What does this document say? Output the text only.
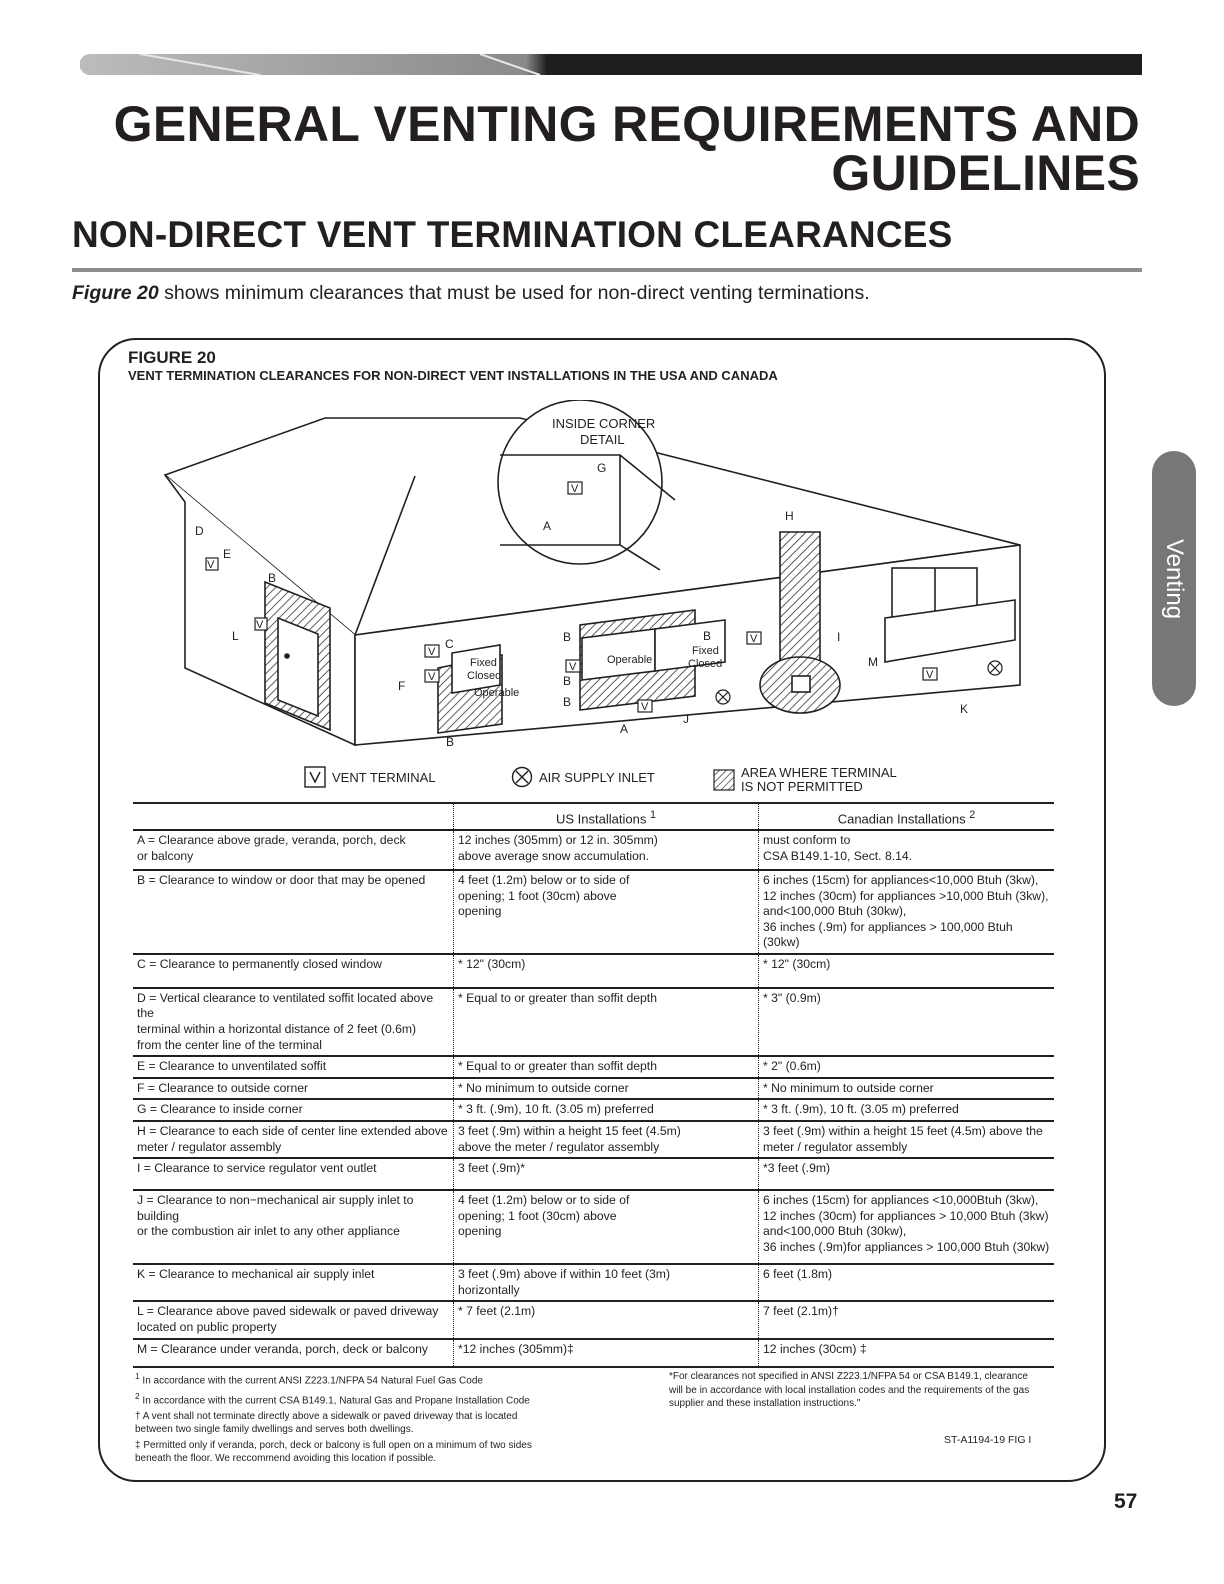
GENERAL VENTING REQUIREMENTS AND
GUIDELINES
NON-DIRECT VENT TERMINATION CLEARANCES
Figure 20 shows minimum clearances that must be used for non-direct venting terminations.
Venting
FIGURE 20
VENT TERMINATION CLEARANCES FOR NON-DIRECT VENT INSTALLATIONS IN THE USA AND CANADA
V
V
V
V
V
V
V
V
V
INSIDE CORNER
DETAIL
Fixed
Closed
Operable
Operable
Fixed
Closed
G
A
D
E
B
L
F
C
B
B	B
B
B
A
J
H
I
M
K
VENT TERMINAL	AIR SUPPLY INLET	AREA WHERE TERMINAL
IS NOT PERMITTED
	US Installations $^1$	Canadian Installations $^2$
A = Clearance above grade, veranda, porch, deck
or balcony	12 inches (305mm) or 12 in. 305mm)
above average snow accumulation.	must conform to
CSA B149.1-10, Sect. 8.14.
B = Clearance to window or door that may be opened	4 feet (1.2m) below or to side of
opening; 1 foot (30cm) above
opening	6 inches (15cm) for appliances<10,000 Btuh (3kw),
12 inches (30cm) for appliances >10,000 Btuh (3kw),
and<100,000 Btuh (30kw),
36 inches (.9m) for appliances > 100,000 Btuh (30kw)
C = Clearance to permanently closed window	* 12" (30cm)	* 12" (30cm)
D = Vertical clearance to ventilated soffit located above the
terminal within a horizontal distance of 2 feet (0.6m)
from the center line of the terminal	* Equal to or greater than soffit depth	* 3" (0.9m)
E = Clearance to unventilated soffit	* Equal to or greater than soffit depth	* 2" (0.6m)
F = Clearance to outside corner	* No minimum to outside corner	* No minimum to outside corner
G = Clearance to inside corner	* 3 ft. (.9m), 10 ft. (3.05 m) preferred	* 3 ft. (.9m), 10 ft. (3.05 m) preferred
H = Clearance to each side of center line extended above
meter / regulator assembly	3 feet (.9m) within a height 15 feet (4.5m)
above the meter / regulator assembly	3 feet (.9m) within a height 15 feet (4.5m) above the
meter / regulator assembly
I = Clearance to service regulator vent outlet	3 feet (.9m)*	*3 feet (.9m)
J = Clearance to non−mechanical air supply inlet to building
or the combustion air inlet to any other appliance	4 feet (1.2m) below or to side of
opening; 1 foot (30cm) above
opening	6 inches (15cm) for appliances <10,000Btuh (3kw),
12 inches (30cm) for appliances > 10,000 Btuh (3kw)
and<100,000 Btuh (30kw),
36 inches (.9m)for appliances > 100,000 Btuh (30kw)
K = Clearance to mechanical air supply inlet	3 feet (.9m) above if within 10 feet (3m)
horizontally	6 feet (1.8m)
L = Clearance above paved sidewalk or paved driveway
located on public property	* 7 feet (2.1m)	7 feet (2.1m)†
M = Clearance under veranda, porch, deck or balcony	*12 inches (305mm)‡	12 inches (30cm) ‡

$^1$ In accordance with the current ANSI Z223.1/NFPA 54 Natural Fuel Gas Code

$^2$ In accordance with the current CSA B149.1, Natural Gas and Propane Installation Code

† A vent shall not terminate directly above a sidewalk or paved driveway that is located
between two single family dwellings and serves both dwellings.

‡ Permitted only if veranda, porch, deck or balcony is full open on a minimum of two sides
beneath the floor. We reccommend avoiding this location if possible.

*For clearances not specified in ANSI Z223.1/NFPA 54 or CSA B149.1, clearance
will be in accordance with local installation codes and the requirements of the gas
supplier and these installation instructions."
ST-A1194-19 FIG I
57
